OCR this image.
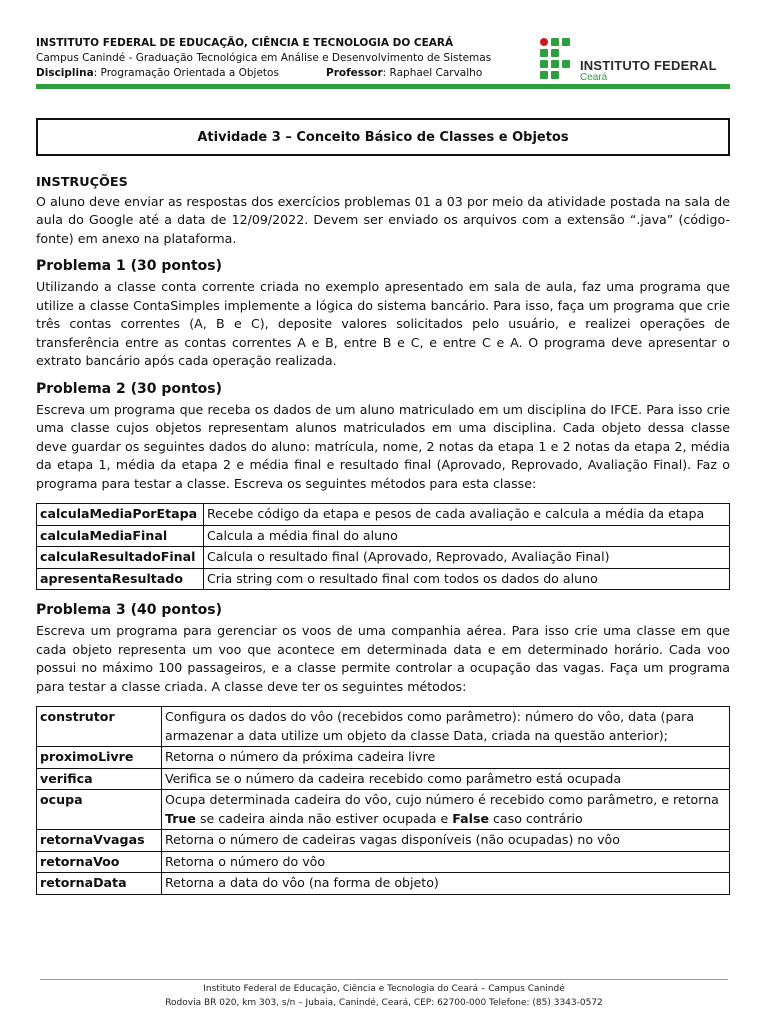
INSTITUTO FEDERAL DE EDUCAÇÃO, CIÊNCIA E TECNOLOGIA DO CEARÁ
Campus Canindé - Graduação Tecnológica em Análise e Desenvolvimento de Sistemas
Disciplina: Programação Orientada a Objetos	Professor: Raphael Carvalho	INSTITUTO FEDERAL
Ceará
Atividade 3 – Conceito Básico de Classes e Objetos
INSTRUÇÕES

O aluno deve enviar as respostas dos exercícios problemas 01 a 03 por meio da atividade postada na sala de aula do Google até a data de 12/09/2022. Devem ser enviado os arquivos com a extensão “.java” (código-fonte) em anexo na plataforma.

Problema 1 (30 pontos)

Utilizando a classe conta corrente criada no exemplo apresentado em sala de aula, faz uma programa que utilize a classe ContaSimples implemente a lógica do sistema bancário. Para isso, faça um programa que crie três contas correntes (A, B e C), deposite valores solicitados pelo usuário, e realizei operações de transferência entre as contas correntes A e B, entre B e C, e entre C e A. O programa deve apresentar o extrato bancário após cada operação realizada.

Problema 2 (30 pontos)

Escreva um programa que receba os dados de um aluno matriculado em um disciplina do IFCE. Para isso crie uma classe cujos objetos representam alunos matriculados em uma disciplina. Cada objeto dessa classe deve guardar os seguintes dados do aluno: matrícula, nome, 2 notas da etapa 1 e 2 notas da etapa 2, média da etapa 1, média da etapa 2 e média final e resultado final (Aprovado, Reprovado, Avaliação Final). Faz o programa para testar a classe. Escreva os seguintes métodos para esta classe:

calculaMediaPorEtapa	Recebe código da etapa e pesos de cada avaliação e calcula a média da etapa
calculaMediaFinal	Calcula a média final do aluno
calculaResultadoFinal	Calcula o resultado final (Aprovado, Reprovado, Avaliação Final)
apresentaResultado	Cria string com o resultado final com todos os dados do aluno
Problema 3 (40 pontos)

Escreva um programa para gerenciar os voos de uma companhia aérea. Para isso crie uma classe em que cada objeto representa um voo que acontece em determinada data e em determinado horário. Cada voo possui no máximo 100 passageiros, e a classe permite controlar a ocupação das vagas. Faça um programa para testar a classe criada. A classe deve ter os seguintes métodos:

construtor	Configura os dados do vôo (recebidos como parâmetro): número do vôo, data (para armazenar a data utilize um objeto da classe Data, criada na questão anterior);
proximoLivre	Retorna o número da próxima cadeira livre
verifica	Verifica se o número da cadeira recebido como parâmetro está ocupada
ocupa	Ocupa determinada cadeira do vôo, cujo número é recebido como parâmetro, e retorna True se cadeira ainda não estiver ocupada e False caso contrário
retornaVvagas	Retorna o número de cadeiras vagas disponíveis (não ocupadas) no vôo
retornaVoo	Retorna o número do vôo
retornaData	Retorna a data do vôo (na forma de objeto)
Instituto Federal de Educação, Ciência e Tecnologia do Ceará – Campus Canindé
Rodovia BR 020, km 303, s/n – Jubaia, Canindé, Ceará, CEP: 62700-000 Telefone: (85) 3343-0572
